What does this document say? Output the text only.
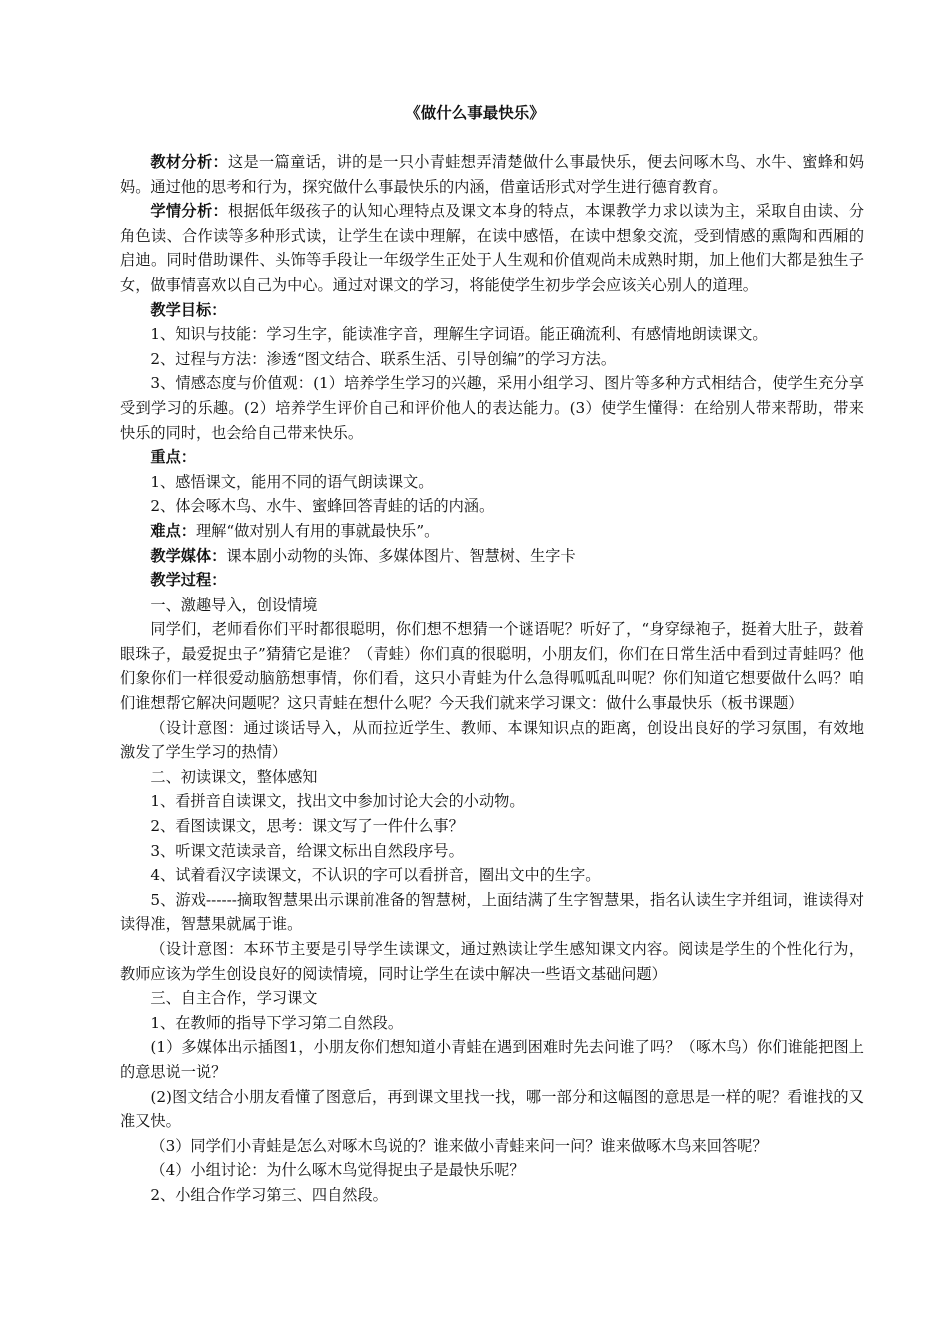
《做什么事最快乐》

教材分析：这是一篇童话，讲的是一只小青蛙想弄清楚做什么事最快乐，便去问啄木鸟、水牛、蜜蜂和妈妈。通过他的思考和行为，探究做什么事最快乐的内涵，借童话形式对学生进行德育教育。

学情分析：根据低年级孩子的认知心理特点及课文本身的特点，本课教学力求以读为主，采取自由读、分角色读、合作读等多种形式读，让学生在读中理解，在读中感悟，在读中想象交流，受到情感的熏陶和西厢的启迪。同时借助课件、头饰等手段让一年级学生正处于人生观和价值观尚未成熟时期，加上他们大都是独生子女，做事情喜欢以自己为中心。通过对课文的学习，将能使学生初步学会应该关心别人的道理。

教学目标：

1、知识与技能：学习生字，能读准字音，理解生字词语。能正确流利、有感情地朗读课文。

2、过程与方法：渗透“图文结合、联系生活、引导创编”的学习方法。

3、情感态度与价值观：(1）培养学生学习的兴趣，采用小组学习、图片等多种方式相结合，使学生充分享受到学习的乐趣。(2）培养学生评价自己和评价他人的表达能力。(3）使学生懂得：在给别人带来帮助，带来快乐的同时，也会给自己带来快乐。

重点：

1、感悟课文，能用不同的语气朗读课文。

2、体会啄木鸟、水牛、蜜蜂回答青蛙的话的内涵。

难点：理解“做对别人有用的事就最快乐”。

教学媒体：课本剧小动物的头饰、多媒体图片、智慧树、生字卡

教学过程：

一、激趣导入，创设情境

同学们，老师看你们平时都很聪明，你们想不想猜一个谜语呢？听好了，“身穿绿袍子，挺着大肚子，鼓着眼珠子，最爱捉虫子”猜猜它是谁？（青蛙）你们真的很聪明，小朋友们，你们在日常生活中看到过青蛙吗？他们象你们一样很爱动脑筋想事情，你们看，这只小青蛙为什么急得呱呱乱叫呢？你们知道它想要做什么吗？咱们谁想帮它解决问题呢？这只青蛙在想什么呢？今天我们就来学习课文：做什么事最快乐（板书课题）

（设计意图：通过谈话导入，从而拉近学生、教师、本课知识点的距离，创设出良好的学习氛围，有效地激发了学生学习的热情）

二、初读课文，整体感知

1、看拼音自读课文，找出文中参加讨论大会的小动物。

2、看图读课文，思考：课文写了一件什么事？

3、听课文范读录音，给课文标出自然段序号。

4、试着看汉字读课文，不认识的字可以看拼音，圈出文中的生字。

5、游戏------摘取智慧果出示课前准备的智慧树，上面结满了生字智慧果，指名认读生字并组词，谁读得对读得准，智慧果就属于谁。

（设计意图：本环节主要是引导学生读课文，通过熟读让学生感知课文内容。阅读是学生的个性化行为，教师应该为学生创设良好的阅读情境，同时让学生在读中解决一些语文基础问题）

三、自主合作，学习课文

1、在教师的指导下学习第二自然段。

(1）多媒体出示插图1，小朋友你们想知道小青蛙在遇到困难时先去问谁了吗？（啄木鸟）你们谁能把图上的意思说一说？

(2)图文结合小朋友看懂了图意后，再到课文里找一找，哪一部分和这幅图的意思是一样的呢？看谁找的又准又快。

（3）同学们小青蛙是怎么对啄木鸟说的？谁来做小青蛙来问一问？谁来做啄木鸟来回答呢？

（4）小组讨论：为什么啄木鸟觉得捉虫子是最快乐呢？

2、小组合作学习第三、四自然段。
